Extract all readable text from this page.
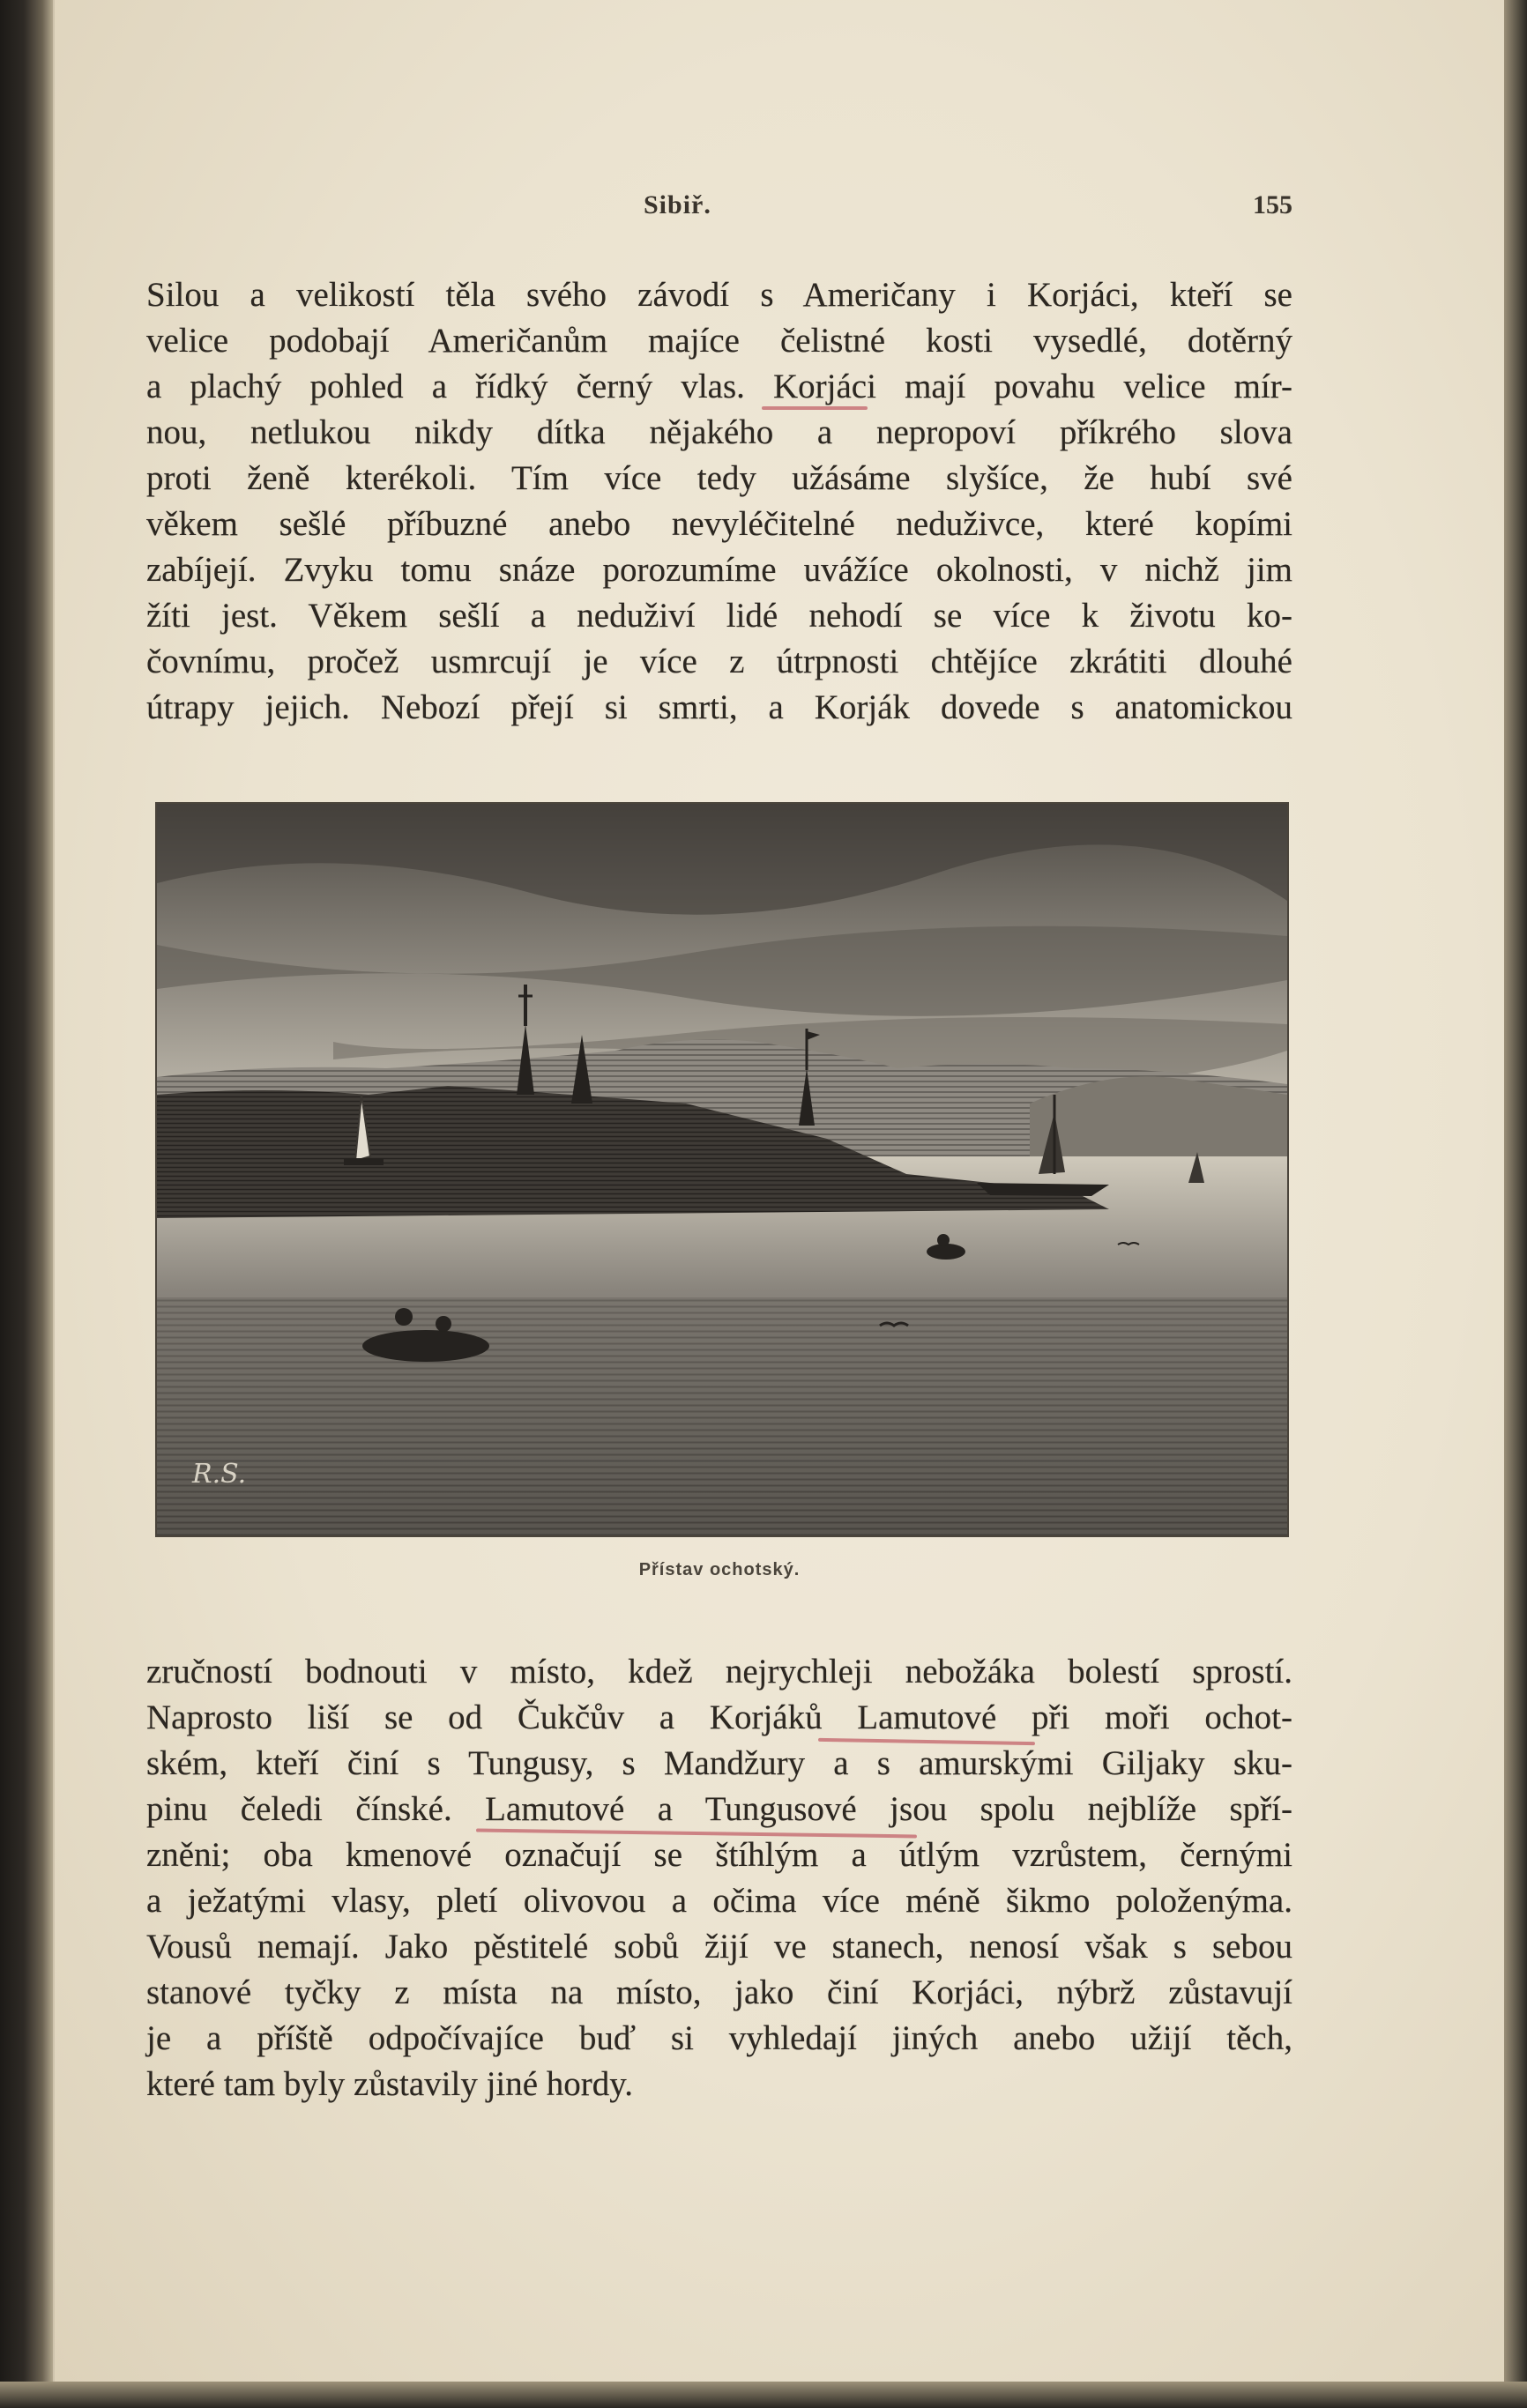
Sibiř.	155
Silou a velikostí těla svého závodí s Američany i Korjáci, kteří se
velice podobají Američanům majíce čelistné kosti vysedlé, dotěrný
a plachý pohled a řídký černý vlas. Korjáci mají povahu velice mír-
nou, netlukou nikdy dítka nějakého a nepropoví příkrého slova
proti ženě kterékoli. Tím více tedy užásáme slyšíce, že hubí své
věkem sešlé příbuzné anebo nevyléčitelné neduživce, které kopími
zabíjejí. Zvyku tomu snáze porozumíme uvážíce okolnosti, v nichž jim
žíti jest. Věkem sešlí a neduživí lidé nehodí se více k životu ko-
čovnímu, pročež usmrcují je více z útrpnosti chtějíce zkrátiti dlouhé
útrapy jejich. Nebozí přejí si smrti, a Korják dovede s anatomickou
R.S.
Přístav ochotský.
zručností bodnouti v místo, kdež nejrychleji nebožáka bolestí sprostí.
Naprosto liší se od Čukčův a Korjáků Lamutové při moři ochot-
ském, kteří činí s Tungusy, s Mandžury a s amurskými Giljaky sku-
pinu čeledi čínské. Lamutové a Tungusové jsou spolu nejblíže spří-
zněni; oba kmenové označují se štíhlým a útlým vzrůstem, černými
a ježatými vlasy, pletí olivovou a očima více méně šikmo položenýma.
Vousů nemají. Jako pěstitelé sobů žijí ve stanech, nenosí však s sebou
stanové tyčky z místa na místo, jako činí Korjáci, nýbrž zůstavují
je a příště odpočívajíce buď si vyhledají jiných anebo užijí těch,
které tam byly zůstavily jiné hordy.
